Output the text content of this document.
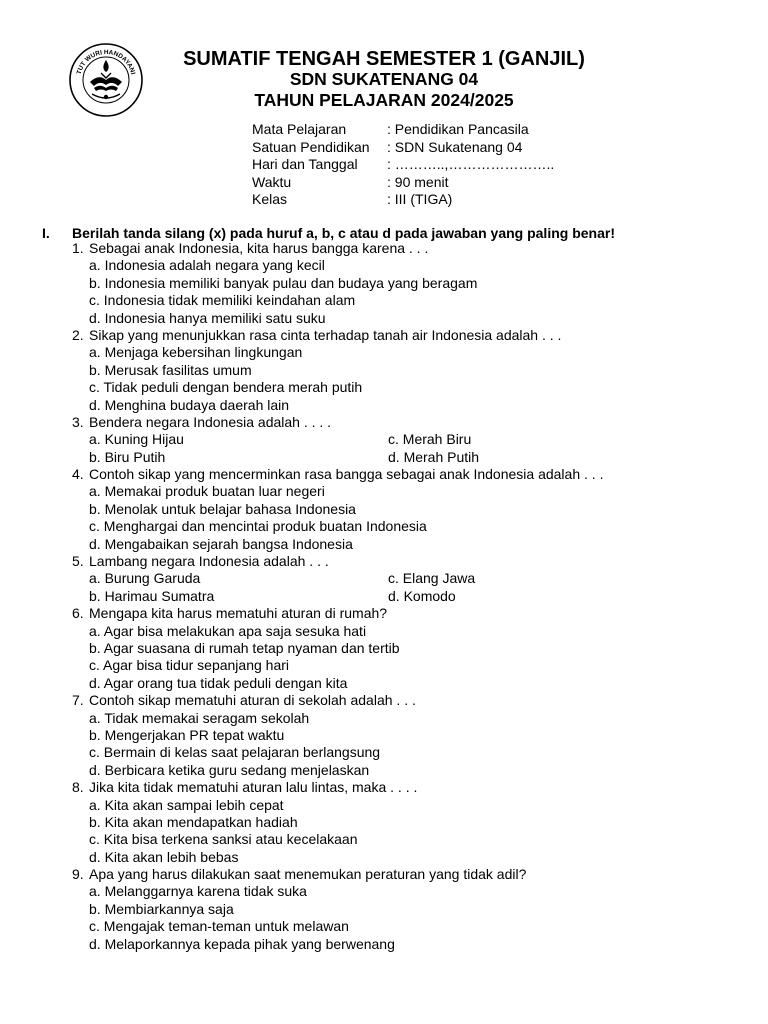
TUT WURI HANDAYANI
SUMATIF TENGAH SEMESTER 1 (GANJIL)
SDN SUKATENANG 04
TAHUN PELAJARAN 2024/2025
Mata Pelajaran	: Pendidikan Pancasila
Satuan Pendidikan : SDN Sukatenang 04
Hari dan Tanggal : ………..,…………………..
Waktu	: 90 menit
Kelas	: III (TIGA)
I. Berilah tanda silang (x) pada huruf a, b, c atau d pada jawaban yang paling benar!
1. Sebagai anak Indonesia, kita harus bangga karena . . .
a. Indonesia adalah negara yang kecil
b. Indonesia memiliki banyak pulau dan budaya yang beragam
c. Indonesia tidak memiliki keindahan alam
d. Indonesia hanya memiliki satu suku
2. Sikap yang menunjukkan rasa cinta terhadap tanah air Indonesia adalah . . .
a. Menjaga kebersihan lingkungan
b. Merusak fasilitas umum
c. Tidak peduli dengan bendera merah putih
d. Menghina budaya daerah lain
3. Bendera negara Indonesia adalah . . . .
a. Kuning Hijau	c. Merah Biru
b. Biru Putih	d. Merah Putih
4. Contoh sikap yang mencerminkan rasa bangga sebagai anak Indonesia adalah . . .
a. Memakai produk buatan luar negeri
b. Menolak untuk belajar bahasa Indonesia
c. Menghargai dan mencintai produk buatan Indonesia
d. Mengabaikan sejarah bangsa Indonesia
5. Lambang negara Indonesia adalah . . .
a. Burung Garuda	c. Elang Jawa
b. Harimau Sumatra	d. Komodo
6. Mengapa kita harus mematuhi aturan di rumah?
a. Agar bisa melakukan apa saja sesuka hati
b. Agar suasana di rumah tetap nyaman dan tertib
c. Agar bisa tidur sepanjang hari
d. Agar orang tua tidak peduli dengan kita
7. Contoh sikap mematuhi aturan di sekolah adalah . . .
a. Tidak memakai seragam sekolah
b. Mengerjakan PR tepat waktu
c. Bermain di kelas saat pelajaran berlangsung
d. Berbicara ketika guru sedang menjelaskan
8. Jika kita tidak mematuhi aturan lalu lintas, maka . . . .
a. Kita akan sampai lebih cepat
b. Kita akan mendapatkan hadiah
c. Kita bisa terkena sanksi atau kecelakaan
d. Kita akan lebih bebas
9. Apa yang harus dilakukan saat menemukan peraturan yang tidak adil?
a. Melanggarnya karena tidak suka
b. Membiarkannya saja
c. Mengajak teman-teman untuk melawan
d. Melaporkannya kepada pihak yang berwenang
